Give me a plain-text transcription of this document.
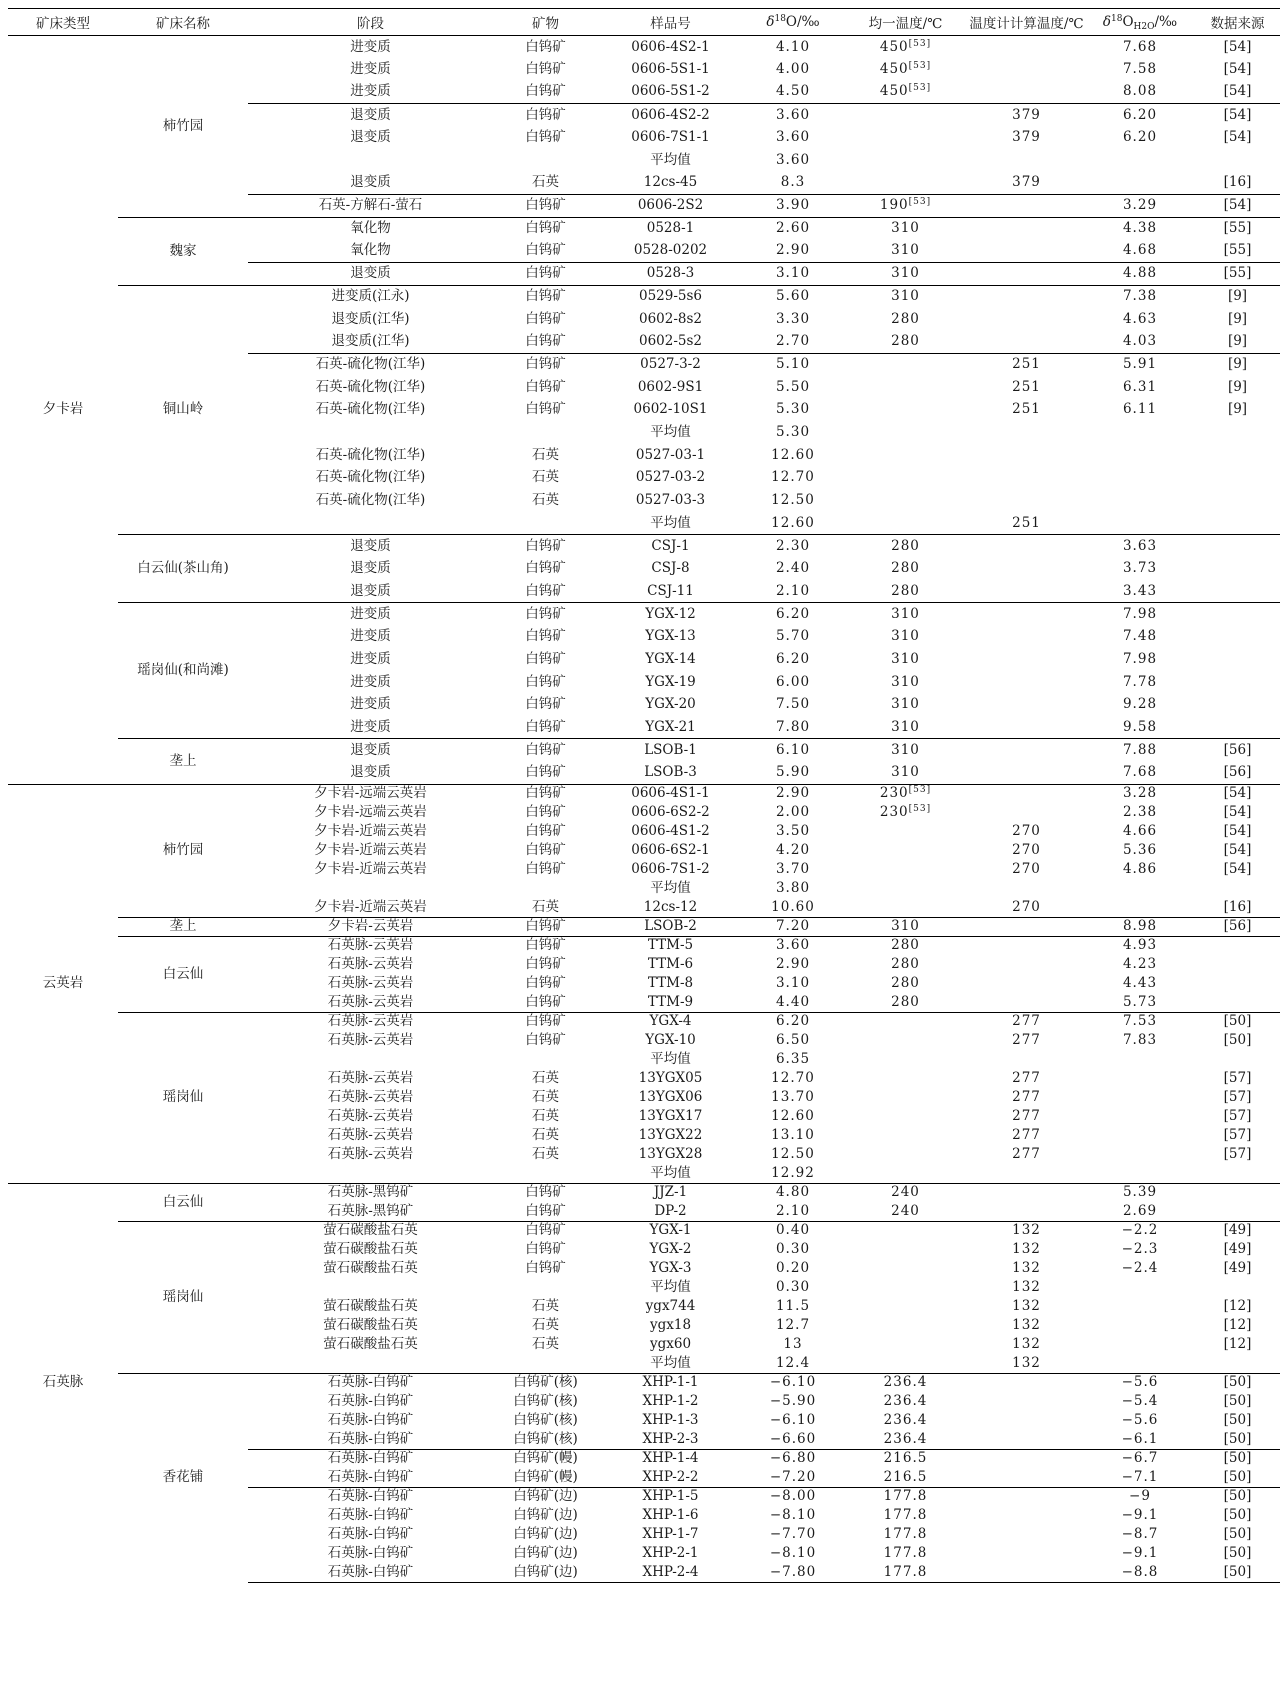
矿床类型	矿床名称	阶段	矿物	样品号	$\delta^{18}O/‰$	均一温度/℃	温度计计算温度/℃	$\delta^{18}O_{H2O}/‰$	数据来源
夕卡岩	柿竹园	进变质	白钨矿	0606-4S2-1	4.10	450[53]		7.68	[54]
		进变质	白钨矿	0606-5S1-1	4.00	450[53]		7.58	[54]
		进变质	白钨矿	0606-5S1-2	4.50	450[53]		8.08	[54]
		退变质	白钨矿	0606-4S2-2	3.60		379	6.20	[54]
		退变质	白钨矿	0606-7S1-1	3.60		379	6.20	[54]
				平均值	3.60				
		退变质	石英	12cs-45	8.3		379		[16]
		石英-方解石-萤石	白钨矿	0606-2S2	3.90	190[53]		3.29	[54]
	魏家	氧化物	白钨矿	0528-1	2.60	310		4.38	[55]
		氧化物	白钨矿	0528-0202	2.90	310		4.68	[55]
		退变质	白钨矿	0528-3	3.10	310		4.88	[55]
	铜山岭	进变质(江永)	白钨矿	0529-5s6	5.60	310		7.38	[9]
		退变质(江华)	白钨矿	0602-8s2	3.30	280		4.63	[9]
		退变质(江华)	白钨矿	0602-5s2	2.70	280		4.03	[9]
		石英-硫化物(江华)	白钨矿	0527-3-2	5.10		251	5.91	[9]
		石英-硫化物(江华)	白钨矿	0602-9S1	5.50		251	6.31	[9]
		石英-硫化物(江华)	白钨矿	0602-10S1	5.30		251	6.11	[9]
				平均值	5.30				
		石英-硫化物(江华)	石英	0527-03-1	12.60				
		石英-硫化物(江华)	石英	0527-03-2	12.70				
		石英-硫化物(江华)	石英	0527-03-3	12.50				
				平均值	12.60		251		
	白云仙(茶山角)	退变质	白钨矿	CSJ-1	2.30	280		3.63	
		退变质	白钨矿	CSJ-8	2.40	280		3.73	
		退变质	白钨矿	CSJ-11	2.10	280		3.43	
	瑶岗仙(和尚滩)	进变质	白钨矿	YGX-12	6.20	310		7.98	
		进变质	白钨矿	YGX-13	5.70	310		7.48	
		进变质	白钨矿	YGX-14	6.20	310		7.98	
		进变质	白钨矿	YGX-19	6.00	310		7.78	
		进变质	白钨矿	YGX-20	7.50	310		9.28	
		进变质	白钨矿	YGX-21	7.80	310		9.58	
	垄上	退变质	白钨矿	LSOB-1	6.10	310		7.88	[56]
		退变质	白钨矿	LSOB-3	5.90	310		7.68	[56]
云英岩	柿竹园	夕卡岩-远端云英岩	白钨矿	0606-4S1-1	2.90	230[53]		3.28	[54]
		夕卡岩-远端云英岩	白钨矿	0606-6S2-2	2.00	230[53]		2.38	[54]
		夕卡岩-近端云英岩	白钨矿	0606-4S1-2	3.50		270	4.66	[54]
		夕卡岩-近端云英岩	白钨矿	0606-6S2-1	4.20		270	5.36	[54]
		夕卡岩-近端云英岩	白钨矿	0606-7S1-2	3.70		270	4.86	[54]
				平均值	3.80				
		夕卡岩-近端云英岩	石英	12cs-12	10.60		270		[16]
	垄上	夕卡岩-云英岩	白钨矿	LSOB-2	7.20	310		8.98	[56]
	白云仙	石英脉-云英岩	白钨矿	TTM-5	3.60	280		4.93	
		石英脉-云英岩	白钨矿	TTM-6	2.90	280		4.23	
		石英脉-云英岩	白钨矿	TTM-8	3.10	280		4.43	
		石英脉-云英岩	白钨矿	TTM-9	4.40	280		5.73	
	瑶岗仙	石英脉-云英岩	白钨矿	YGX-4	6.20		277	7.53	[50]
		石英脉-云英岩	白钨矿	YGX-10	6.50		277	7.83	[50]
				平均值	6.35				
		石英脉-云英岩	石英	13YGX05	12.70		277		[57]
		石英脉-云英岩	石英	13YGX06	13.70		277		[57]
		石英脉-云英岩	石英	13YGX17	12.60		277		[57]
		石英脉-云英岩	石英	13YGX22	13.10		277		[57]
		石英脉-云英岩	石英	13YGX28	12.50		277		[57]
				平均值	12.92				
石英脉	白云仙	石英脉-黑钨矿	白钨矿	JJZ-1	4.80	240		5.39	
		石英脉-黑钨矿	白钨矿	DP-2	2.10	240		2.69	
	瑶岗仙	萤石碳酸盐石英	白钨矿	YGX-1	0.40		132	−2.2	[49]
		萤石碳酸盐石英	白钨矿	YGX-2	0.30		132	−2.3	[49]
		萤石碳酸盐石英	白钨矿	YGX-3	0.20		132	−2.4	[49]
				平均值	0.30		132		
		萤石碳酸盐石英	石英	ygx744	11.5		132		[12]
		萤石碳酸盐石英	石英	ygx18	12.7		132		[12]
		萤石碳酸盐石英	石英	ygx60	13		132		[12]
				平均值	12.4		132		
	香花铺	石英脉-白钨矿	白钨矿(核)	XHP-1-1	−6.10	236.4		−5.6	[50]
		石英脉-白钨矿	白钨矿(核)	XHP-1-2	−5.90	236.4		−5.4	[50]
		石英脉-白钨矿	白钨矿(核)	XHP-1-3	−6.10	236.4		−5.6	[50]
		石英脉-白钨矿	白钨矿(核)	XHP-2-3	−6.60	236.4		−6.1	[50]
		石英脉-白钨矿	白钨矿(幔)	XHP-1-4	−6.80	216.5		−6.7	[50]
		石英脉-白钨矿	白钨矿(幔)	XHP-2-2	−7.20	216.5		−7.1	[50]
		石英脉-白钨矿	白钨矿(边)	XHP-1-5	−8.00	177.8		−9	[50]
		石英脉-白钨矿	白钨矿(边)	XHP-1-6	−8.10	177.8		−9.1	[50]
		石英脉-白钨矿	白钨矿(边)	XHP-1-7	−7.70	177.8		−8.7	[50]
		石英脉-白钨矿	白钨矿(边)	XHP-2-1	−8.10	177.8		−9.1	[50]
		石英脉-白钨矿	白钨矿(边)	XHP-2-4	−7.80	177.8		−8.8	[50]
